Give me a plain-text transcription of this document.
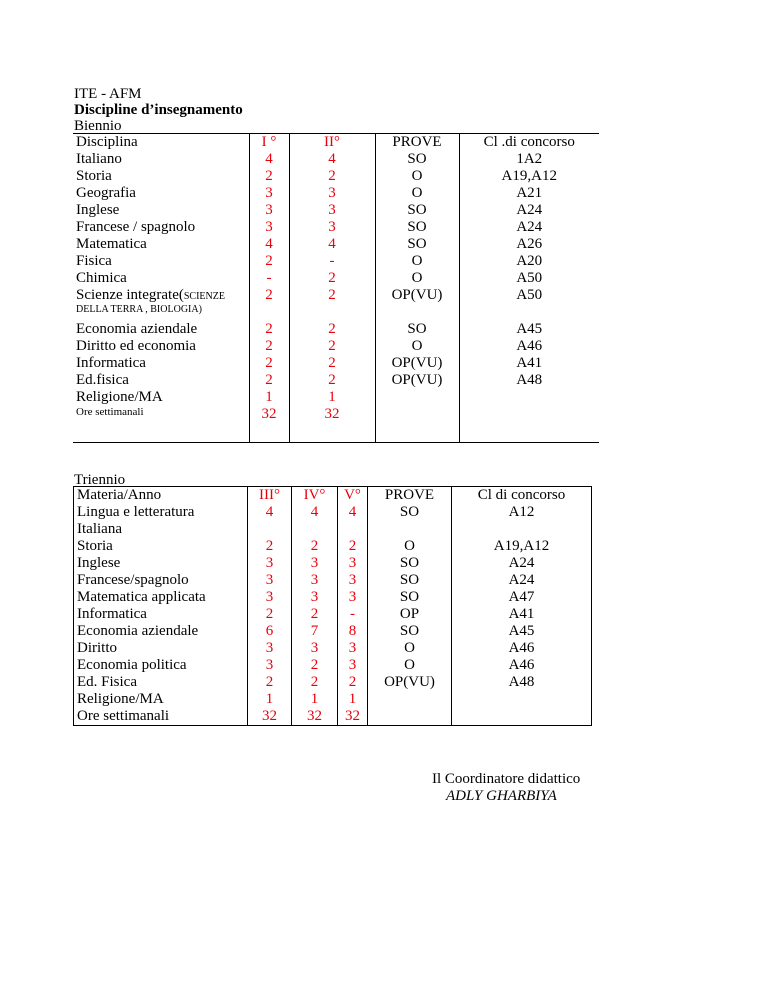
ITE - AFM
Discipline d’insegnamento
Biennio
Disciplina	I °	II°	PROVE	Cl .di concorso
Italiano	4	4	SO	1A2
Storia	2	2	O	A19,A12
Geografia	3	3	O	A21
Inglese	3	3	SO	A24
Francese / spagnolo	3	3	SO	A24
Matematica	4	4	SO	A26
Fisica	2	-	O	A20
Chimica	-	2	O	A50
Scienze integrate(SCIENZE
DELLA TERRA , BIOLOGIA)	2	2	OP(VU)	A50
Economia aziendale	2	2	SO	A45
Diritto ed economia	2	2	O	A46
Informatica	2	2	OP(VU)	A41
Ed.fisica	2	2	OP(VU)	A48
Religione/MA	1	1		
Ore settimanali	32	32		
Triennio
Materia/Anno	III°	IV°	V°	PROVE	Cl di concorso
Lingua e letteratura
Italiana	4	4	4	SO	A12
Storia	2	2	2	O	A19,A12
Inglese	3	3	3	SO	A24
Francese/spagnolo	3	3	3	SO	A24
Matematica applicata	3	3	3	SO	A47
Informatica	2	2	-	OP	A41
Economia aziendale	6	7	8	SO	A45
Diritto	3	3	3	O	A46
Economia politica	3	2	3	O	A46
Ed. Fisica	2	2	2	OP(VU)	A48
Religione/MA	1	1	1		
Ore settimanali	32	32	32		
Il Coordinatore didattico
ADLY GHARBIYA
